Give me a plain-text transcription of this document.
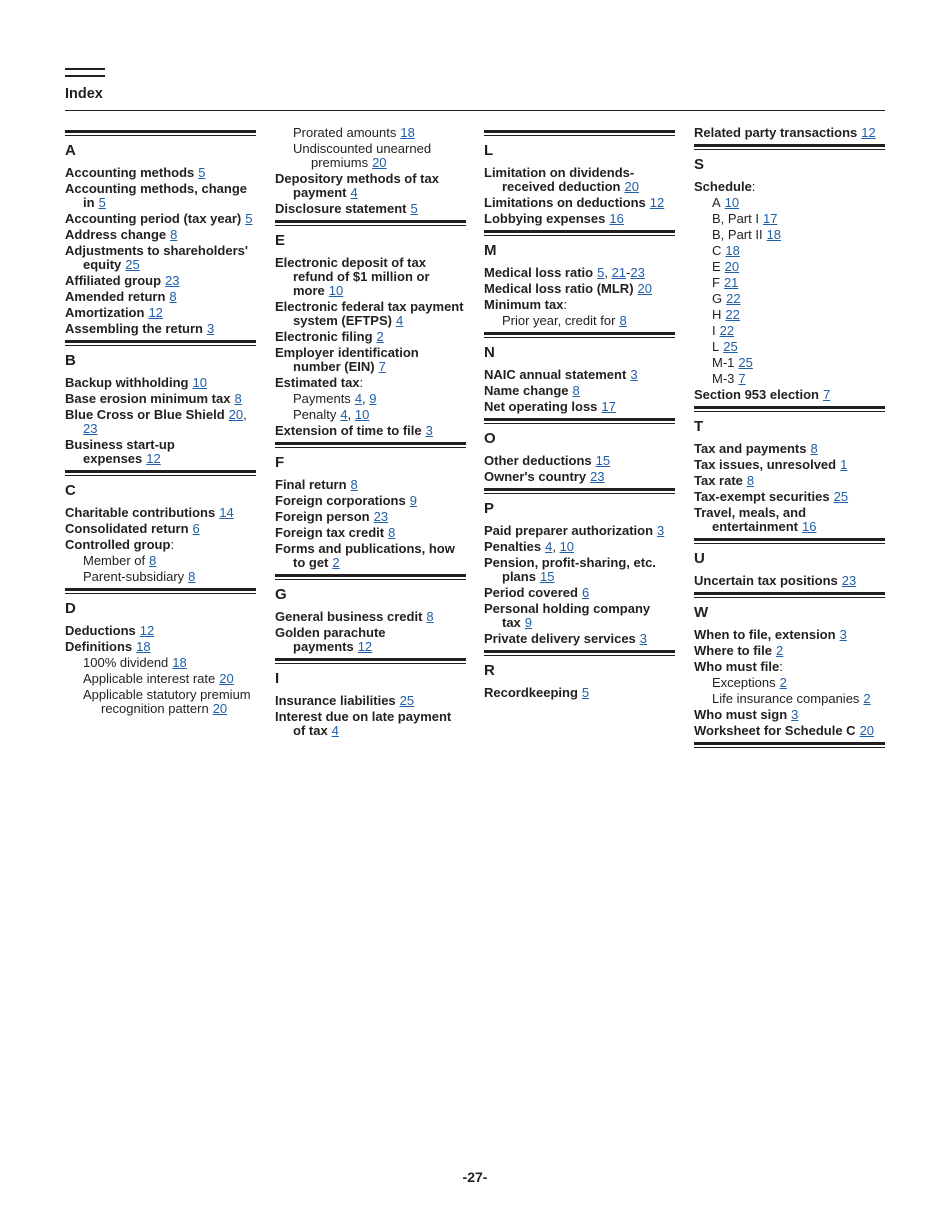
Index
A
Accounting methods 5
Accounting methods, change in 5
Accounting period (tax year) 5
Address change 8
Adjustments to shareholders' equity 25
Affiliated group 23
Amended return 8
Amortization 12
Assembling the return 3
B
Backup withholding 10
Base erosion minimum tax 8
Blue Cross or Blue Shield 20, 23
Business start-up expenses 12
C
Charitable contributions 14
Consolidated return 6
Controlled group:
Member of 8
Parent-subsidiary 8
D
Deductions 12
Definitions 18
100% dividend 18
Applicable interest rate 20
Applicable statutory premium recognition pattern 20
Prorated amounts 18
Undiscounted unearned premiums 20
Depository methods of tax payment 4
Disclosure statement 5
E
Electronic deposit of tax refund of $1 million or more 10
Electronic federal tax payment system (EFTPS) 4
Electronic filing 2
Employer identification number (EIN) 7
Estimated tax:
Payments 4, 9
Penalty 4, 10
Extension of time to file 3
F
Final return 8
Foreign corporations 9
Foreign person 23
Foreign tax credit 8
Forms and publications, how to get 2
G
General business credit 8
Golden parachute payments 12
I
Insurance liabilities 25
Interest due on late payment of tax 4
L
Limitation on dividends-received deduction 20
Limitations on deductions 12
Lobbying expenses 16
M
Medical loss ratio 5, 21-23
Medical loss ratio (MLR) 20
Minimum tax:
Prior year, credit for 8
N
NAIC annual statement 3
Name change 8
Net operating loss 17
O
Other deductions 15
Owner's country 23
P
Paid preparer authorization 3
Penalties 4, 10
Pension, profit-sharing, etc. plans 15
Period covered 6
Personal holding company tax 9
Private delivery services 3
R
Recordkeeping 5
Related party transactions 12
S
Schedule:
A 10
B, Part I 17
B, Part II 18
C 18
E 20
F 21
G 22
H 22
I 22
L 25
M-1 25
M-3 7
Section 953 election 7
T
Tax and payments 8
Tax issues, unresolved 1
Tax rate 8
Tax-exempt securities 25
Travel, meals, and entertainment 16
U
Uncertain tax positions 23
W
When to file, extension 3
Where to file 2
Who must file:
Exceptions 2
Life insurance companies 2
Who must sign 3
Worksheet for Schedule C 20
-27-
